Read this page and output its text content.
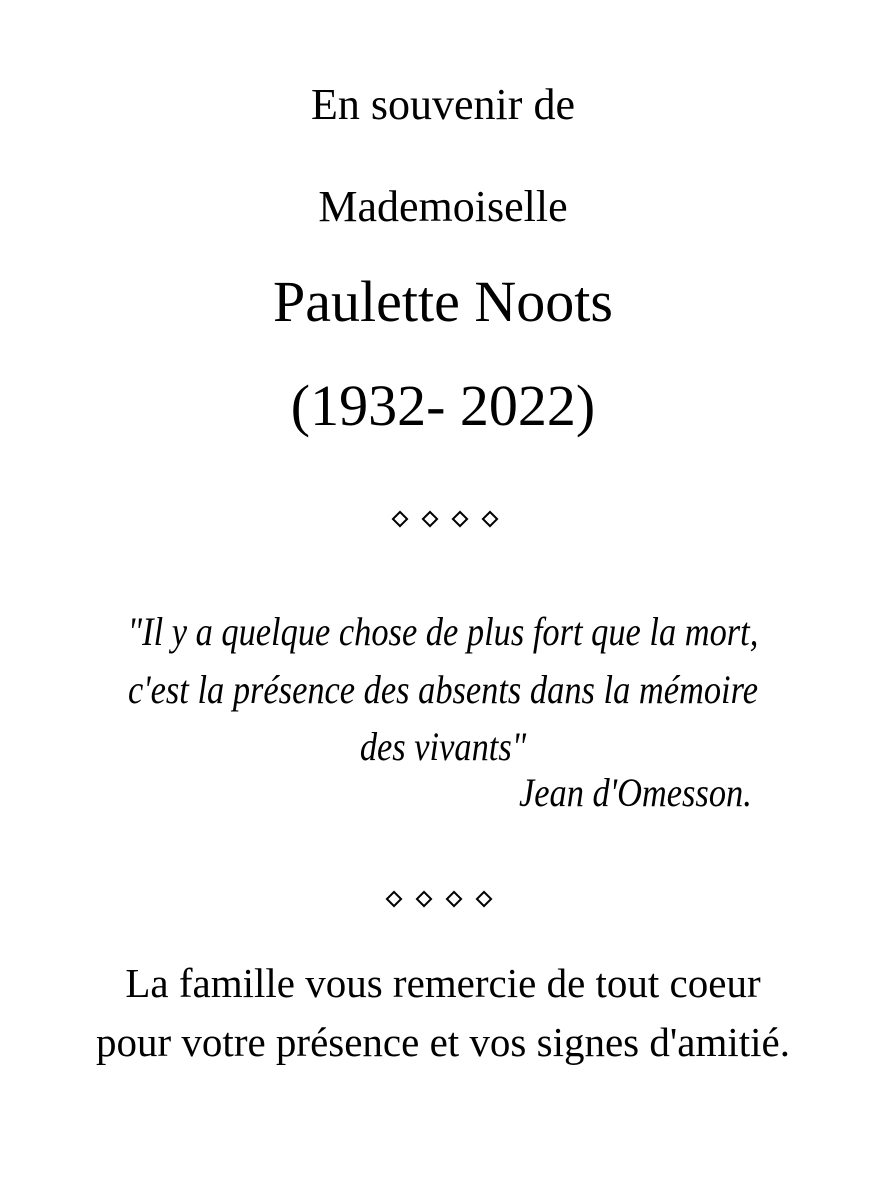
En souvenir de
Mademoiselle
Paulette Noots
(1932- 2022)
"Il y a quelque chose de plus fort que la mort,
c'est la présence des absents dans la mémoire
des vivants"
Jean d'Omesson.
La famille vous remercie de tout coeur
pour votre présence et vos signes d'amitié.
